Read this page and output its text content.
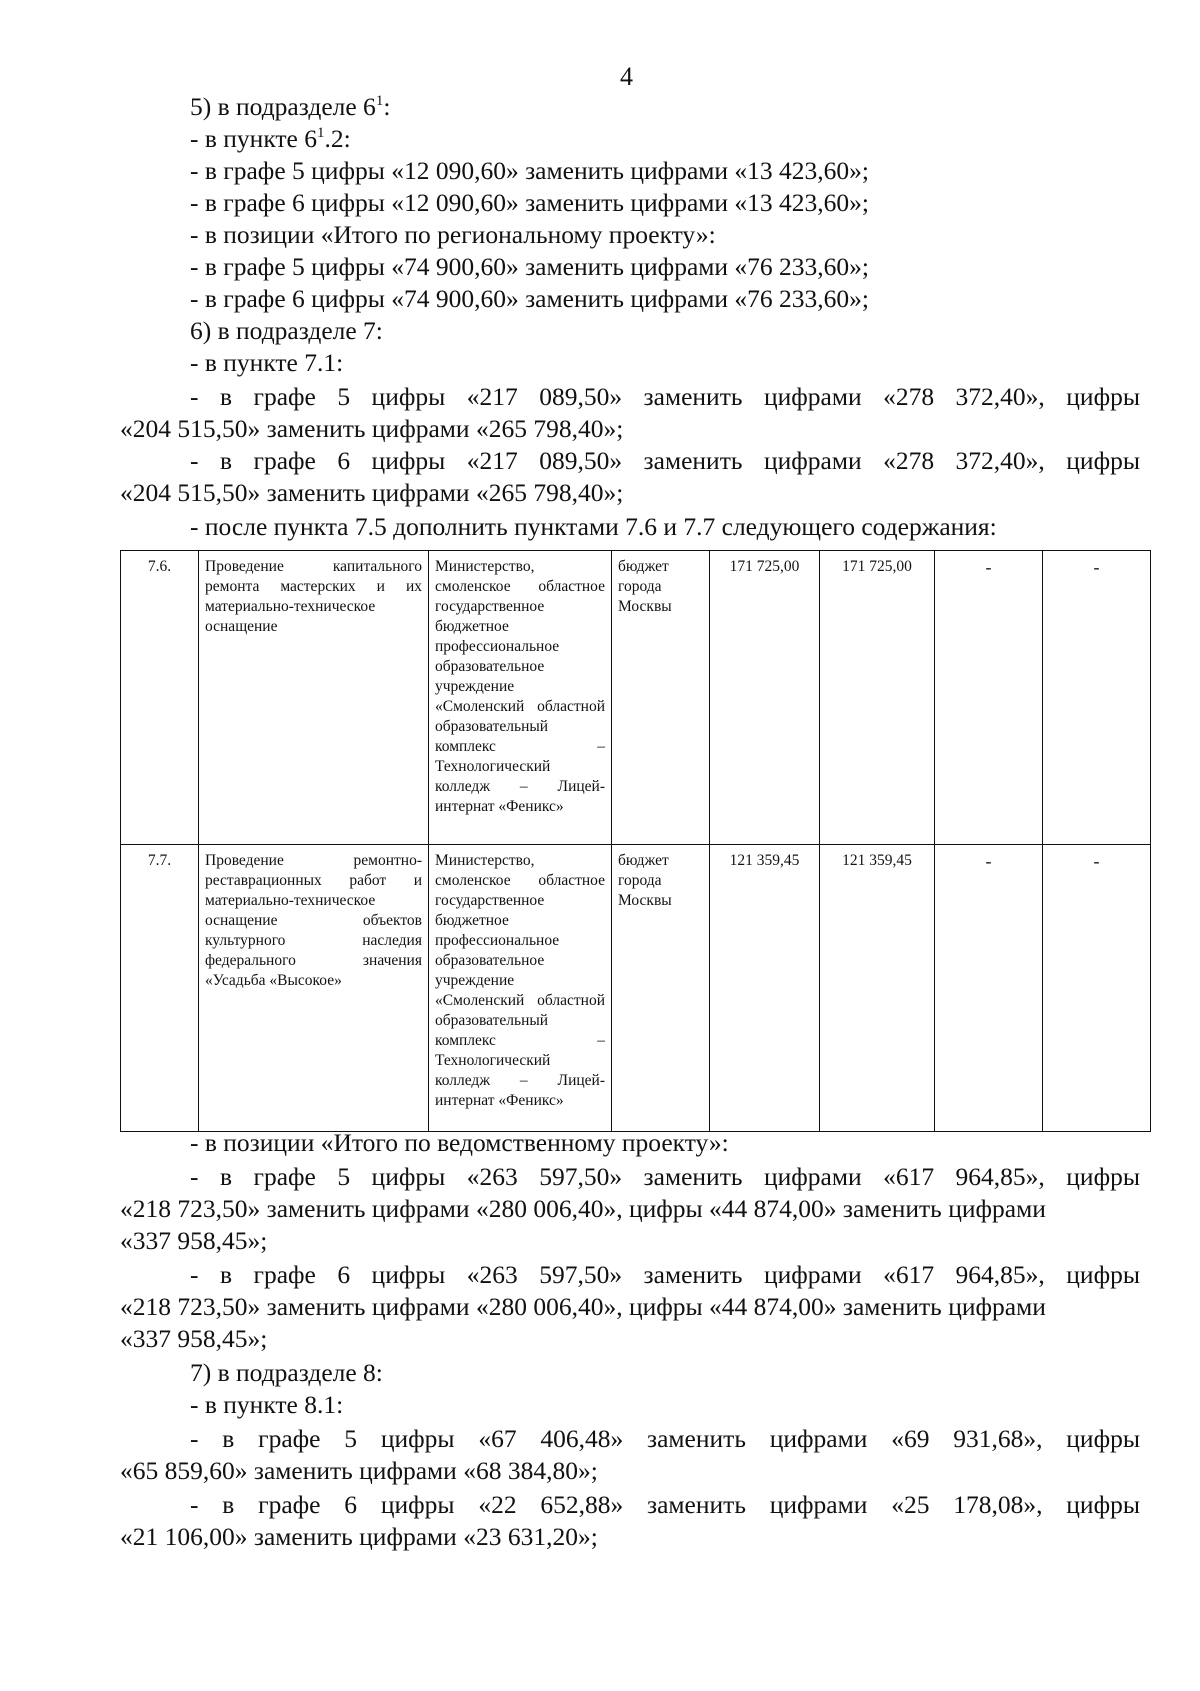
4
5) в подразделе $6^1$:
- в пункте $6^1.2$:
- в графе 5 цифры «12 090,60» заменить цифрами «13 423,60»;
- в графе 6 цифры «12 090,60» заменить цифрами «13 423,60»;
- в позиции «Итого по региональному проекту»:
- в графе 5 цифры «74 900,60» заменить цифрами «76 233,60»;
- в графе 6 цифры «74 900,60» заменить цифрами «76 233,60»;
6) в подразделе 7:
- в пункте 7.1:
- в графе 5 цифры «217 089,50» заменить цифрами «278 372,40», цифры
«204 515,50» заменить цифрами «265 798,40»;
- в графе 6 цифры «217 089,50» заменить цифрами «278 372,40», цифры
«204 515,50» заменить цифрами «265 798,40»;
- после пункта 7.5 дополнить пунктами 7.6 и 7.7 следующего содержания:
7.6.	Проведение капитального ремонта мастерских и их материально-техническое оснащение	Министерство, смоленское областное государственное бюджетное профессиональное образовательное учреждение «Смоленский областной образовательный комплекс – Технологический колледж – Лицей-интернат «Феникс»	бюджет города Москвы	171 725,00	171 725,00	-	-
7.7.	Проведение ремонтно-реставрационных работ и материально-техническое оснащение объектов культурного наследия федерального значения «Усадьба «Высокое»	Министерство, смоленское областное государственное бюджетное профессиональное образовательное учреждение «Смоленский областной образовательный комплекс – Технологический колледж – Лицей-интернат «Феникс»	бюджет города Москвы	121 359,45	121 359,45	-	-
- в позиции «Итого по ведомственному проекту»:
- в графе 5 цифры «263 597,50» заменить цифрами «617 964,85», цифры
«218 723,50» заменить цифрами «280 006,40», цифры «44 874,00» заменить цифрами
«337 958,45»;
- в графе 6 цифры «263 597,50» заменить цифрами «617 964,85», цифры
«218 723,50» заменить цифрами «280 006,40», цифры «44 874,00» заменить цифрами
«337 958,45»;
7) в подразделе 8:
- в пункте 8.1:
- в графе 5 цифры «67 406,48» заменить цифрами «69 931,68», цифры
«65 859,60» заменить цифрами «68 384,80»;
- в графе 6 цифры «22 652,88» заменить цифрами «25 178,08», цифры
«21 106,00» заменить цифрами «23 631,20»;
